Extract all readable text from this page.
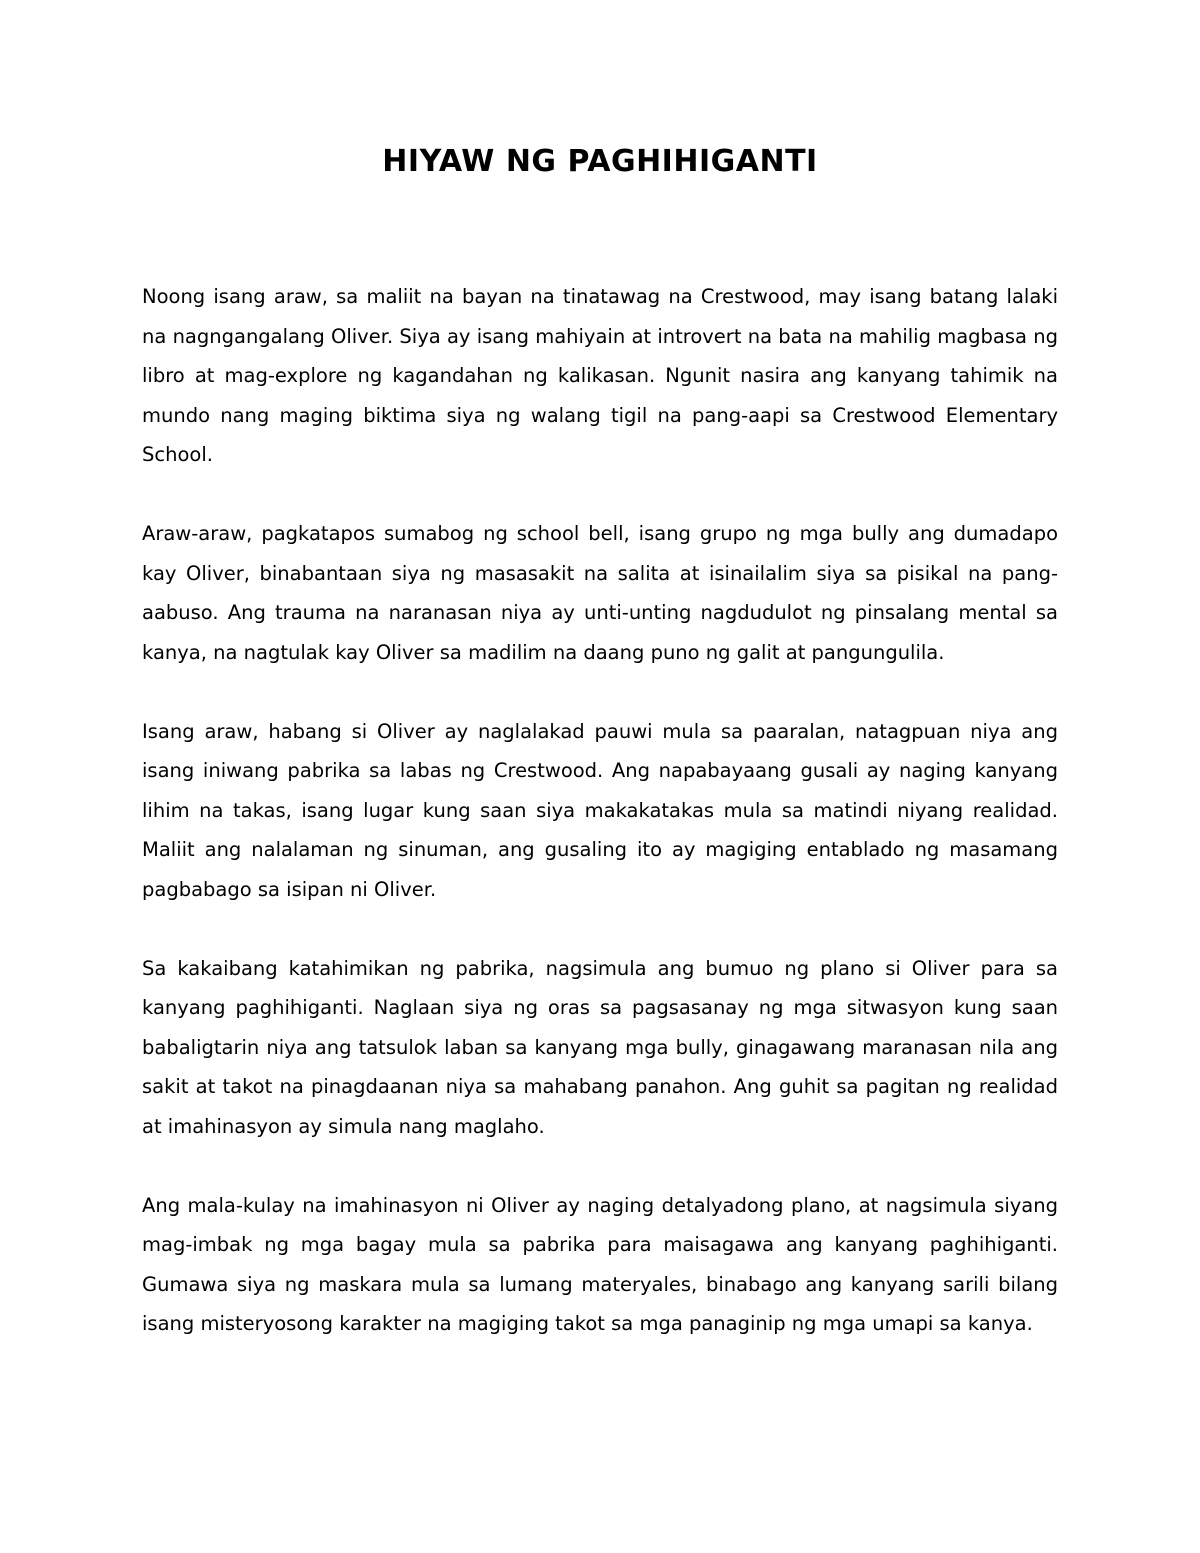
HIYAW NG PAGHIHIGANTI

Noong isang araw, sa maliit na bayan na tinatawag na Crestwood, may isang batang lalaki na nagngangalang Oliver. Siya ay isang mahiyain at introvert na bata na mahilig magbasa ng libro at mag-explore ng kagandahan ng kalikasan. Ngunit nasira ang kanyang tahimik na mundo nang maging biktima siya ng walang tigil na pang-aapi sa Crestwood Elementary School.

Araw-araw, pagkatapos sumabog ng school bell, isang grupo ng mga bully ang dumadapo kay Oliver, binabantaan siya ng masasakit na salita at isinailalim siya sa pisikal na pang-aabuso. Ang trauma na naranasan niya ay unti-unting nagdudulot ng pinsalang mental sa kanya, na nagtulak kay Oliver sa madilim na daang puno ng galit at pangungulila.

Isang araw, habang si Oliver ay naglalakad pauwi mula sa paaralan, natagpuan niya ang isang iniwang pabrika sa labas ng Crestwood. Ang napabayaang gusali ay naging kanyang lihim na takas, isang lugar kung saan siya makakatakas mula sa matindi niyang realidad. Maliit ang nalalaman ng sinuman, ang gusaling ito ay magiging entablado ng masamang pagbabago sa isipan ni Oliver.

Sa kakaibang katahimikan ng pabrika, nagsimula ang bumuo ng plano si Oliver para sa kanyang paghihiganti. Naglaan siya ng oras sa pagsasanay ng mga sitwasyon kung saan babaligtarin niya ang tatsulok laban sa kanyang mga bully, ginagawang maranasan nila ang sakit at takot na pinagdaanan niya sa mahabang panahon. Ang guhit sa pagitan ng realidad at imahinasyon ay simula nang maglaho.

Ang mala-kulay na imahinasyon ni Oliver ay naging detalyadong plano, at nagsimula siyang mag-imbak ng mga bagay mula sa pabrika para maisagawa ang kanyang paghihiganti. Gumawa siya ng maskara mula sa lumang materyales, binabago ang kanyang sarili bilang isang misteryosong karakter na magiging takot sa mga panaginip ng mga umapi sa kanya.
